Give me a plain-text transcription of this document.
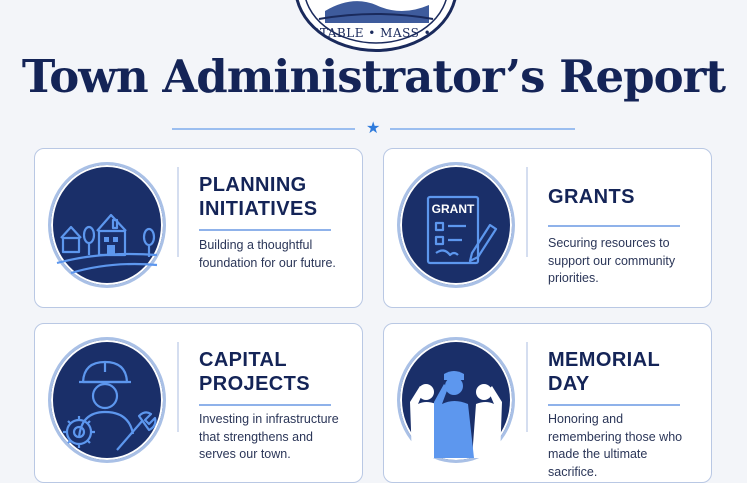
NSTABLE • MASS • 16
Town Administrator’s Report
★
PLANNING INITIATIVES

Building a thoughtful foundation for our future.

GRANT
GRANTS

Securing resources to support our community priorities.

CAPITAL PROJECTS

Investing in infrastructure that strengthens and serves our town.

MEMORIAL DAY

Honoring and remembering those who made the ultimate sacrifice.
